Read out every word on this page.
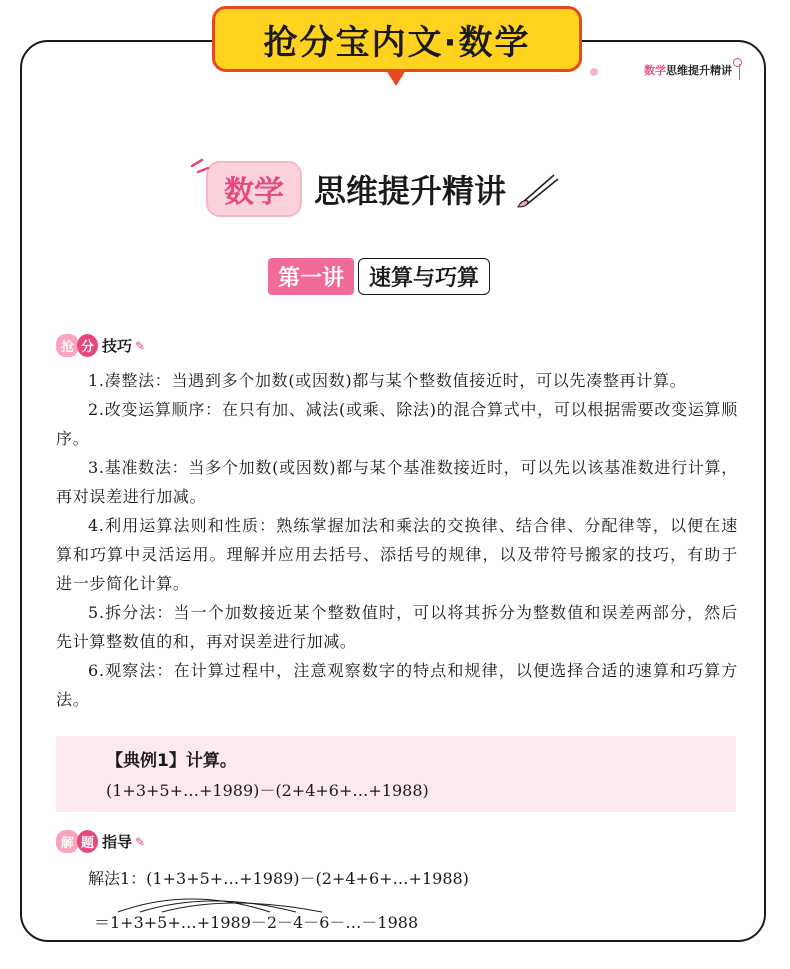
抢分宝内文·数学
数学思维提升精讲
数学 思维提升精讲
第一讲	速算与巧算
抢 分 技巧 ✎

1.凑整法：当遇到多个加数(或因数)都与某个整数值接近时，可以先凑整再计算。

2.改变运算顺序：在只有加、减法(或乘、除法)的混合算式中，可以根据需要改变运算顺序。

3.基准数法：当多个加数(或因数)都与某个基准数接近时，可以先以该基准数进行计算，再对误差进行加减。

4.利用运算法则和性质：熟练掌握加法和乘法的交换律、结合律、分配律等，以便在速算和巧算中灵活运用。理解并应用去括号、添括号的规律，以及带符号搬家的技巧，有助于进一步简化计算。

5.拆分法：当一个加数接近某个整数值时，可以将其拆分为整数值和误差两部分，然后先计算整数值的和，再对误差进行加减。

6.观察法：在计算过程中，注意观察数字的特点和规律，以便选择合适的速算和巧算方法。

【典例1】计算。
(1+3+5+…+1989)－(2+4+6+…+1988)
解 题 指导 ✎
解法1：(1+3+5+…+1989)－(2+4+6+…+1988)
＝1+3+5+…+1989－2－4－6－…－1988
